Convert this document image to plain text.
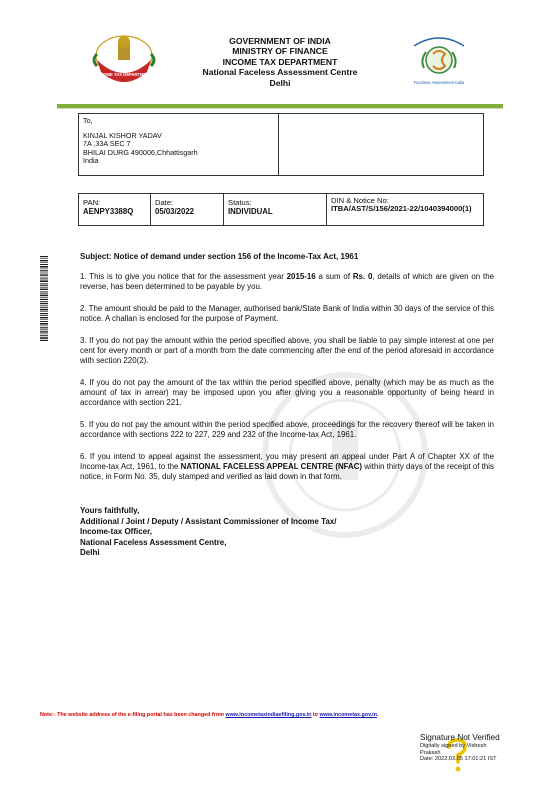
INCOME TAX DEPARTMENT
GOVERNMENT OF INDIA
MINISTRY OF FINANCE
INCOME TAX DEPARTMENT
National Faceless Assessment Centre
Delhi	Faceless Assessment India
To,
KINJAL KISHOR YADAV
7A ,33A SEC 7
BHILAI DURG 490006,Chhattisgarh
India
PAN:
AENPY3388Q
Date:
05/03/2022
Status:
INDIVIDUAL
DIN & Notice No:
ITBA/AST/S/156/2021-22/1040394000(1)
Subject: Notice of demand under section 156 of the Income-Tax Act, 1961
1. This is to give you notice that for the assessment year 2015-16 a sum of Rs. 0, details of which are given on the reverse, has been determined to be payable by you.
2. The amount should be paid to the Manager, authorised bank/State Bank of India within 30 days of the service of this notice. A challan is enclosed for the purpose of Payment.
3. If you do not pay the amount within the period specified above, you shall be liable to pay simple interest at one per cent for every month or part of a month from the date commencing after the end of the period aforesaid in accordance with section 220(2).
4. If you do not pay the amount of the tax within the period specified above, penalty (which may be as much as the amount of tax in arrear) may be imposed upon you after giving you a reasonable opportunity of being heard in accordance with section 221.
5. If you do not pay the amount within the period specified above, proceedings for the recovery thereof will be taken in accordance with sections 222 to 227, 229 and 232 of the Income-tax Act, 1961.
6. If you intend to appeal against the assessment, you may present an appeal under Part A of Chapter XX of the Income-tax Act, 1961, to the NATIONAL FACELESS APPEAL CENTRE (NFAC) within thirty days of the receipt of this notice, in Form No. 35, duly stamped and verified as laid down in that form.
Yours faithfully,
Additional / Joint / Deputy / Assistant Commissioner of Income Tax/
Income-tax Officer,
National Faceless Assessment Centre,
Delhi
Note:- The website address of the e-filing portal has been changed from www.incometaxindiaefiling.gov.in to www.incometax.gov.in.
Signature Not Verified
Digitally signed by Vishesh
Prakash
Date: 2022.03.05 17:01:21 IST
